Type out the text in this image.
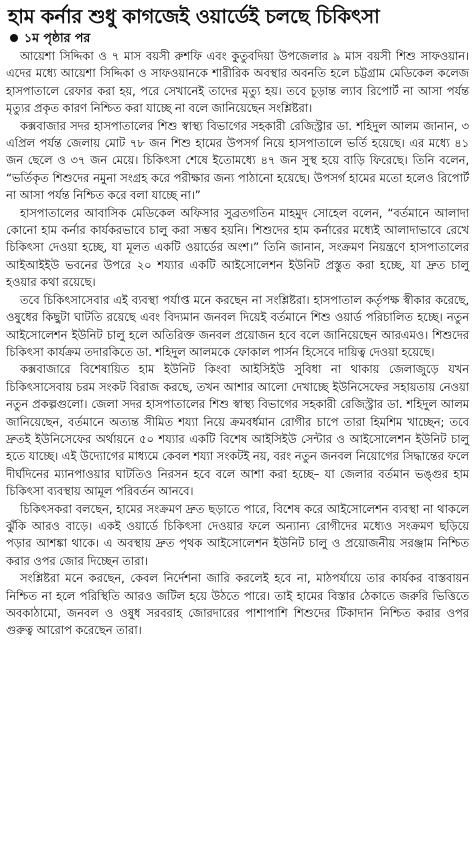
হাম কর্নার শুধু কাগজেই ওয়ার্ডেই চলছে চিকিৎসা
১ম পৃষ্ঠার পর

আয়েশা সিদ্দিকা ও ৭ মাস বয়সী রুশফি এবং কুতুবদিয়া উপজেলার ৯ মাস বয়সী শিশু সাফওয়ান। এদের মধ্যে আয়েশা সিদ্দিকা ও সাফওয়ানকে শারীরিক অবস্থার অবনতি হলে চট্টগ্রাম মেডিকেল কলেজ হাসপাতালে রেফার করা হয়, পরে সেখানেই তাদের মৃত্যু হয়। তবে চূড়ান্ত ল্যাব রিপোর্ট না আসা পর্যন্ত মৃত্যুর প্রকৃত কারণ নিশ্চিত করা যাচ্ছে না বলে জানিয়েছেন সংশ্লিষ্টরা।

কক্সবাজার সদর হাসপাতালের শিশু স্বাস্থ্য বিভাগের সহকারী রেজিস্ট্রার ডা. শহিদুল আলম জানান, ৩ এপ্রিল পর্যন্ত জেলায় মোট ৭৮ জন শিশু হামের উপসর্গ নিয়ে হাসপাতালে ভর্তি হয়েছে। এর মধ্যে ৪১ জন ছেলে ও ৩৭ জন মেয়ে। চিকিৎসা শেষে ইতোমধ্যে ৪৭ জন সুস্থ হয়ে বাড়ি ফিরেছে। তিনি বলেন, “ভর্তিকৃত শিশুদের নমুনা সংগ্রহ করে পরীক্ষার জন্য পাঠানো হয়েছে। উপসর্গ হামের মতো হলেও রিপোর্ট না আসা পর্যন্ত নিশ্চিত করে বলা যাচ্ছে না।”

হাসপাতালের আবাসিক মেডিকেল অফিসার সুব্রতগতিন মাহমুদ সোহেল বলেন, “বর্তমানে আলাদা কোনো হাম কর্নার কার্যকরভাবে চালু করা সম্ভব হয়নি। শিশুদের হাম কর্নারের মধ্যেই আলাদাভাবে রেখে চিকিৎসা দেওয়া হচ্ছে, যা মূলত একটি ওয়ার্ডের অংশ।” তিনি জানান, সংক্রমণ নিয়ন্ত্রণে হাসপাতালের আইআইইউ ভবনের উপরে ২০ শয্যার একটি আইসোলেশন ইউনিট প্রস্তুত করা হচ্ছে, যা দ্রুত চালু হওয়ার কথা রয়েছে।

তবে চিকিৎসাসেবার এই ব্যবস্থা পর্যাপ্ত মনে করছেন না সংশ্লিষ্টরা। হাসপাতাল কর্তৃপক্ষ স্বীকার করেছে, ওষুধের কিছুটা ঘাটতি রয়েছে এবং বিদ্যমান জনবল দিয়েই বর্তমানে শিশু ওয়ার্ড পরিচালিত হচ্ছে। নতুন আইসোলেশন ইউনিট চালু হলে অতিরিক্ত জনবল প্রয়োজন হবে বলে জানিয়েছেন আরএমও। শিশুদের চিকিৎসা কার্যক্রম তদারকিতে ডা. শহিদুল আলমকে ফোকাল পার্সন হিসেবে দায়িত্ব দেওয়া হয়েছে।

কক্সবাজারে বিশেষায়িত হাম ইউনিট কিংবা আইসিইউ সুবিধা না থাকায় জেলাজুড়ে যখন চিকিৎসাসেবায় চরম সংকট বিরাজ করছে, তখন আশার আলো দেখাচ্ছে ইউনিসেফের সহায়তায় নেওয়া নতুন প্রকল্পগুলো। জেলা সদর হাসপাতালের শিশু স্বাস্থ্য বিভাগের সহকারী রেজিস্ট্রার ডা. শহিদুল আলম জানিয়েছেন, বর্তমানে অত্যন্ত সীমিত শয্যা নিয়ে ক্রমবর্ধমান রোগীর চাপে তারা হিমশিম খাচ্ছেন; তবে দ্রুতই ইউনিসেফের অর্থায়নে ৫০ শয্যার একটি বিশেষ আইসিইউ সেন্টার ও আইসোলেশন ইউনিট চালু হতে যাচ্ছে। এই উদ্যোগের মাধ্যমে কেবল শয্যা সংকটই নয়, বরং নতুন জনবল নিয়োগের সিদ্ধান্তের ফলে দীর্ঘদিনের ম্যানপাওয়ার ঘাটতিও নিরসন হবে বলে আশা করা হচ্ছে– যা জেলার বর্তমান ভঙ্গুর হাম চিকিৎসা ব্যবস্থায় আমূল পরিবর্তন আনবে।

চিকিৎসকরা বলছেন, হামের সংক্রমণ দ্রুত ছড়াতে পারে, বিশেষ করে আইসোলেশন ব্যবস্থা না থাকলে ঝুঁকি আরও বাড়ে। একই ওয়ার্ডে চিকিৎসা দেওয়ার ফলে অন্যান্য রোগীদের মধ্যেও সংক্রমণ ছড়িয়ে পড়ার আশঙ্কা থাকে। এ অবস্থায় দ্রুত পৃথক আইসোলেশন ইউনিট চালু ও প্রয়োজনীয় সরঞ্জাম নিশ্চিত করার ওপর জোর দিচ্ছেন তারা।

সংশ্লিষ্টরা মনে করছেন, কেবল নির্দেশনা জারি করলেই হবে না, মাঠপর্যায়ে তার কার্যকর বাস্তবায়ন নিশ্চিত না হলে পরিস্থিতি আরও জটিল হয়ে উঠতে পারে। তাই হামের বিস্তার ঠেকাতে জরুরি ভিত্তিতে অবকাঠামো, জনবল ও ওষুধ সরবরাহ জোরদারের পাশাপাশি শিশুদের টিকাদান নিশ্চিত করার ওপর গুরুত্ব আরোপ করেছেন তারা।
